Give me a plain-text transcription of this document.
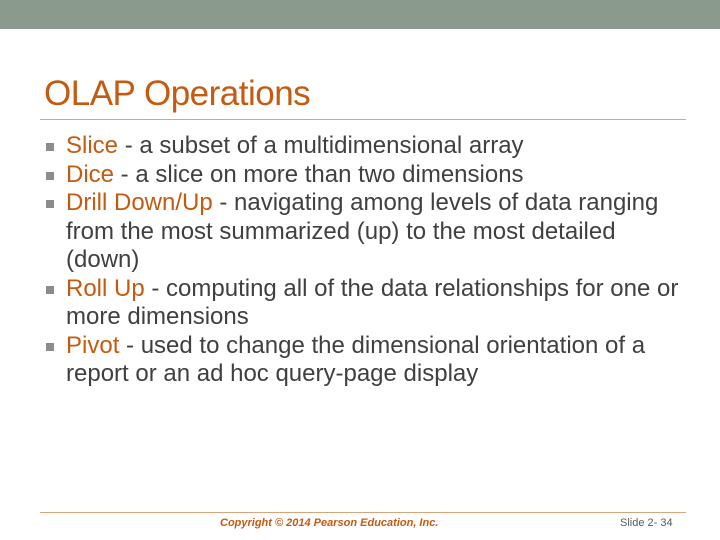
OLAP Operations
Slice - a subset of a multidimensional array
Dice - a slice on more than two dimensions
Drill Down/Up - navigating among levels of data ranging from the most summarized (up) to the most detailed (down)
Roll Up - computing all of the data relationships for one or more dimensions
Pivot - used to change the dimensional orientation of a report or an ad hoc query-page display
Copyright © 2014 Pearson Education, Inc.	Slide 2- 34
